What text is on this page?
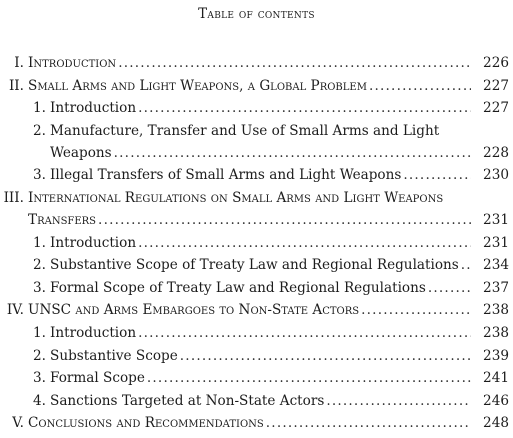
Table of contents
I. Introduction .....	226
II. Small Arms and Light Weapons, a Global Problem .....	227
1. Introduction .....	227
2. Manufacture, Transfer and Use of Small Arms and Light
Weapons .....	228
3. Illegal Transfers of Small Arms and Light Weapons .....	230
III. International Regulations on Small Arms and Light Weapons
Transfers .....	231
1. Introduction .....	231
2. Substantive Scope of Treaty Law and Regional Regulations .....	234
3. Formal Scope of Treaty Law and Regional Regulations .....	237
IV. UNSC and Arms Embargoes to Non-State Actors .....	238
1. Introduction .....	238
2. Substantive Scope .....	239
3. Formal Scope .....	241
4. Sanctions Targeted at Non-State Actors .....	246
V. Conclusions and Recommendations .....	248
